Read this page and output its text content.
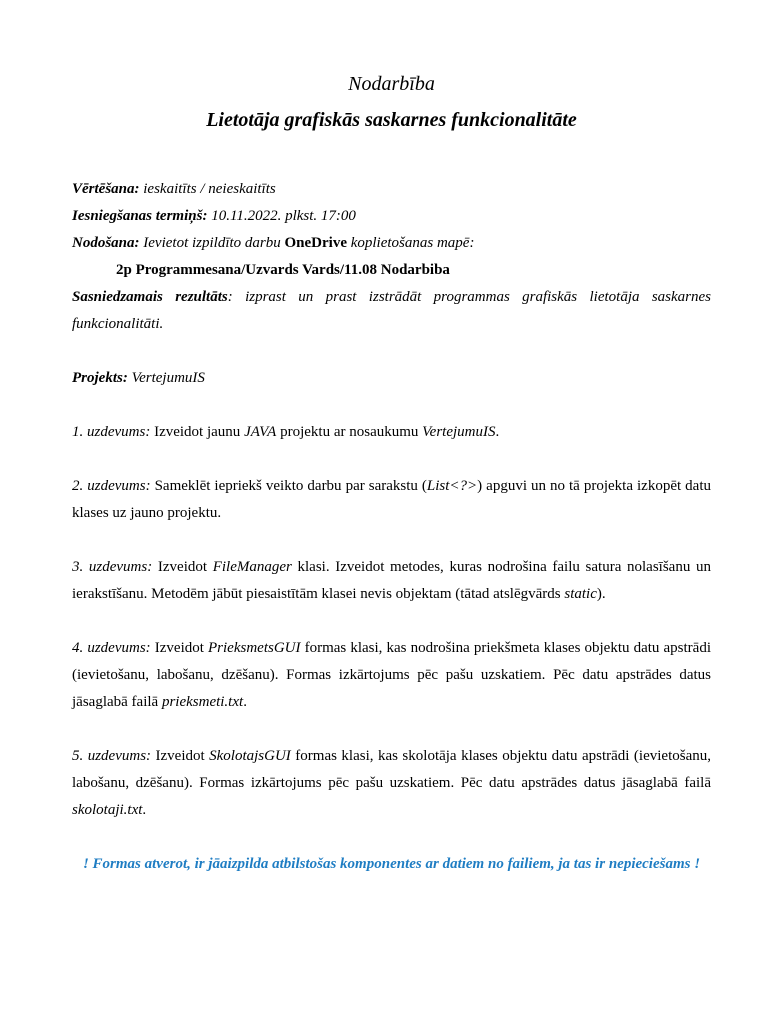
Nodarbība

Lietotāja grafiskās saskarnes funkcionalitāte

Vērtēšana: ieskaitīts / neieskaitīts

Iesniegšanas termiņš: 10.11.2022. plkst. 17:00

Nodošana: Ievietot izpildīto darbu OneDrive koplietošanas mapē:

2p Programmesana/Uzvards Vards/11.08 Nodarbiba

Sasniedzamais rezultāts: izprast un prast izstrādāt programmas grafiskās lietotāja saskarnes funkcionalitāti.

Projekts: VertejumuIS

1. uzdevums: Izveidot jaunu JAVA projektu ar nosaukumu VertejumuIS.

2. uzdevums: Sameklēt iepriekš veikto darbu par sarakstu (List<?>) apguvi un no tā projekta izkopēt datu klases uz jauno projektu.

3. uzdevums: Izveidot FileManager klasi. Izveidot metodes, kuras nodrošina failu satura nolasīšanu un ierakstīšanu. Metodēm jābūt piesaistītām klasei nevis objektam (tātad atslēgvārds static).

4. uzdevums: Izveidot PrieksmetsGUI formas klasi, kas nodrošina priekšmeta klases objektu datu apstrādi (ievietošanu, labošanu, dzēšanu). Formas izkārtojums pēc pašu uzskatiem. Pēc datu apstrādes datus jāsaglabā failā prieksmeti.txt.

5. uzdevums: Izveidot SkolotajsGUI formas klasi, kas skolotāja klases objektu datu apstrādi (ievietošanu, labošanu, dzēšanu). Formas izkārtojums pēc pašu uzskatiem. Pēc datu apstrādes datus jāsaglabā failā skolotaji.txt.

! Formas atverot, ir jāaizpilda atbilstošas komponentes ar datiem no failiem, ja tas ir nepieciešams !
